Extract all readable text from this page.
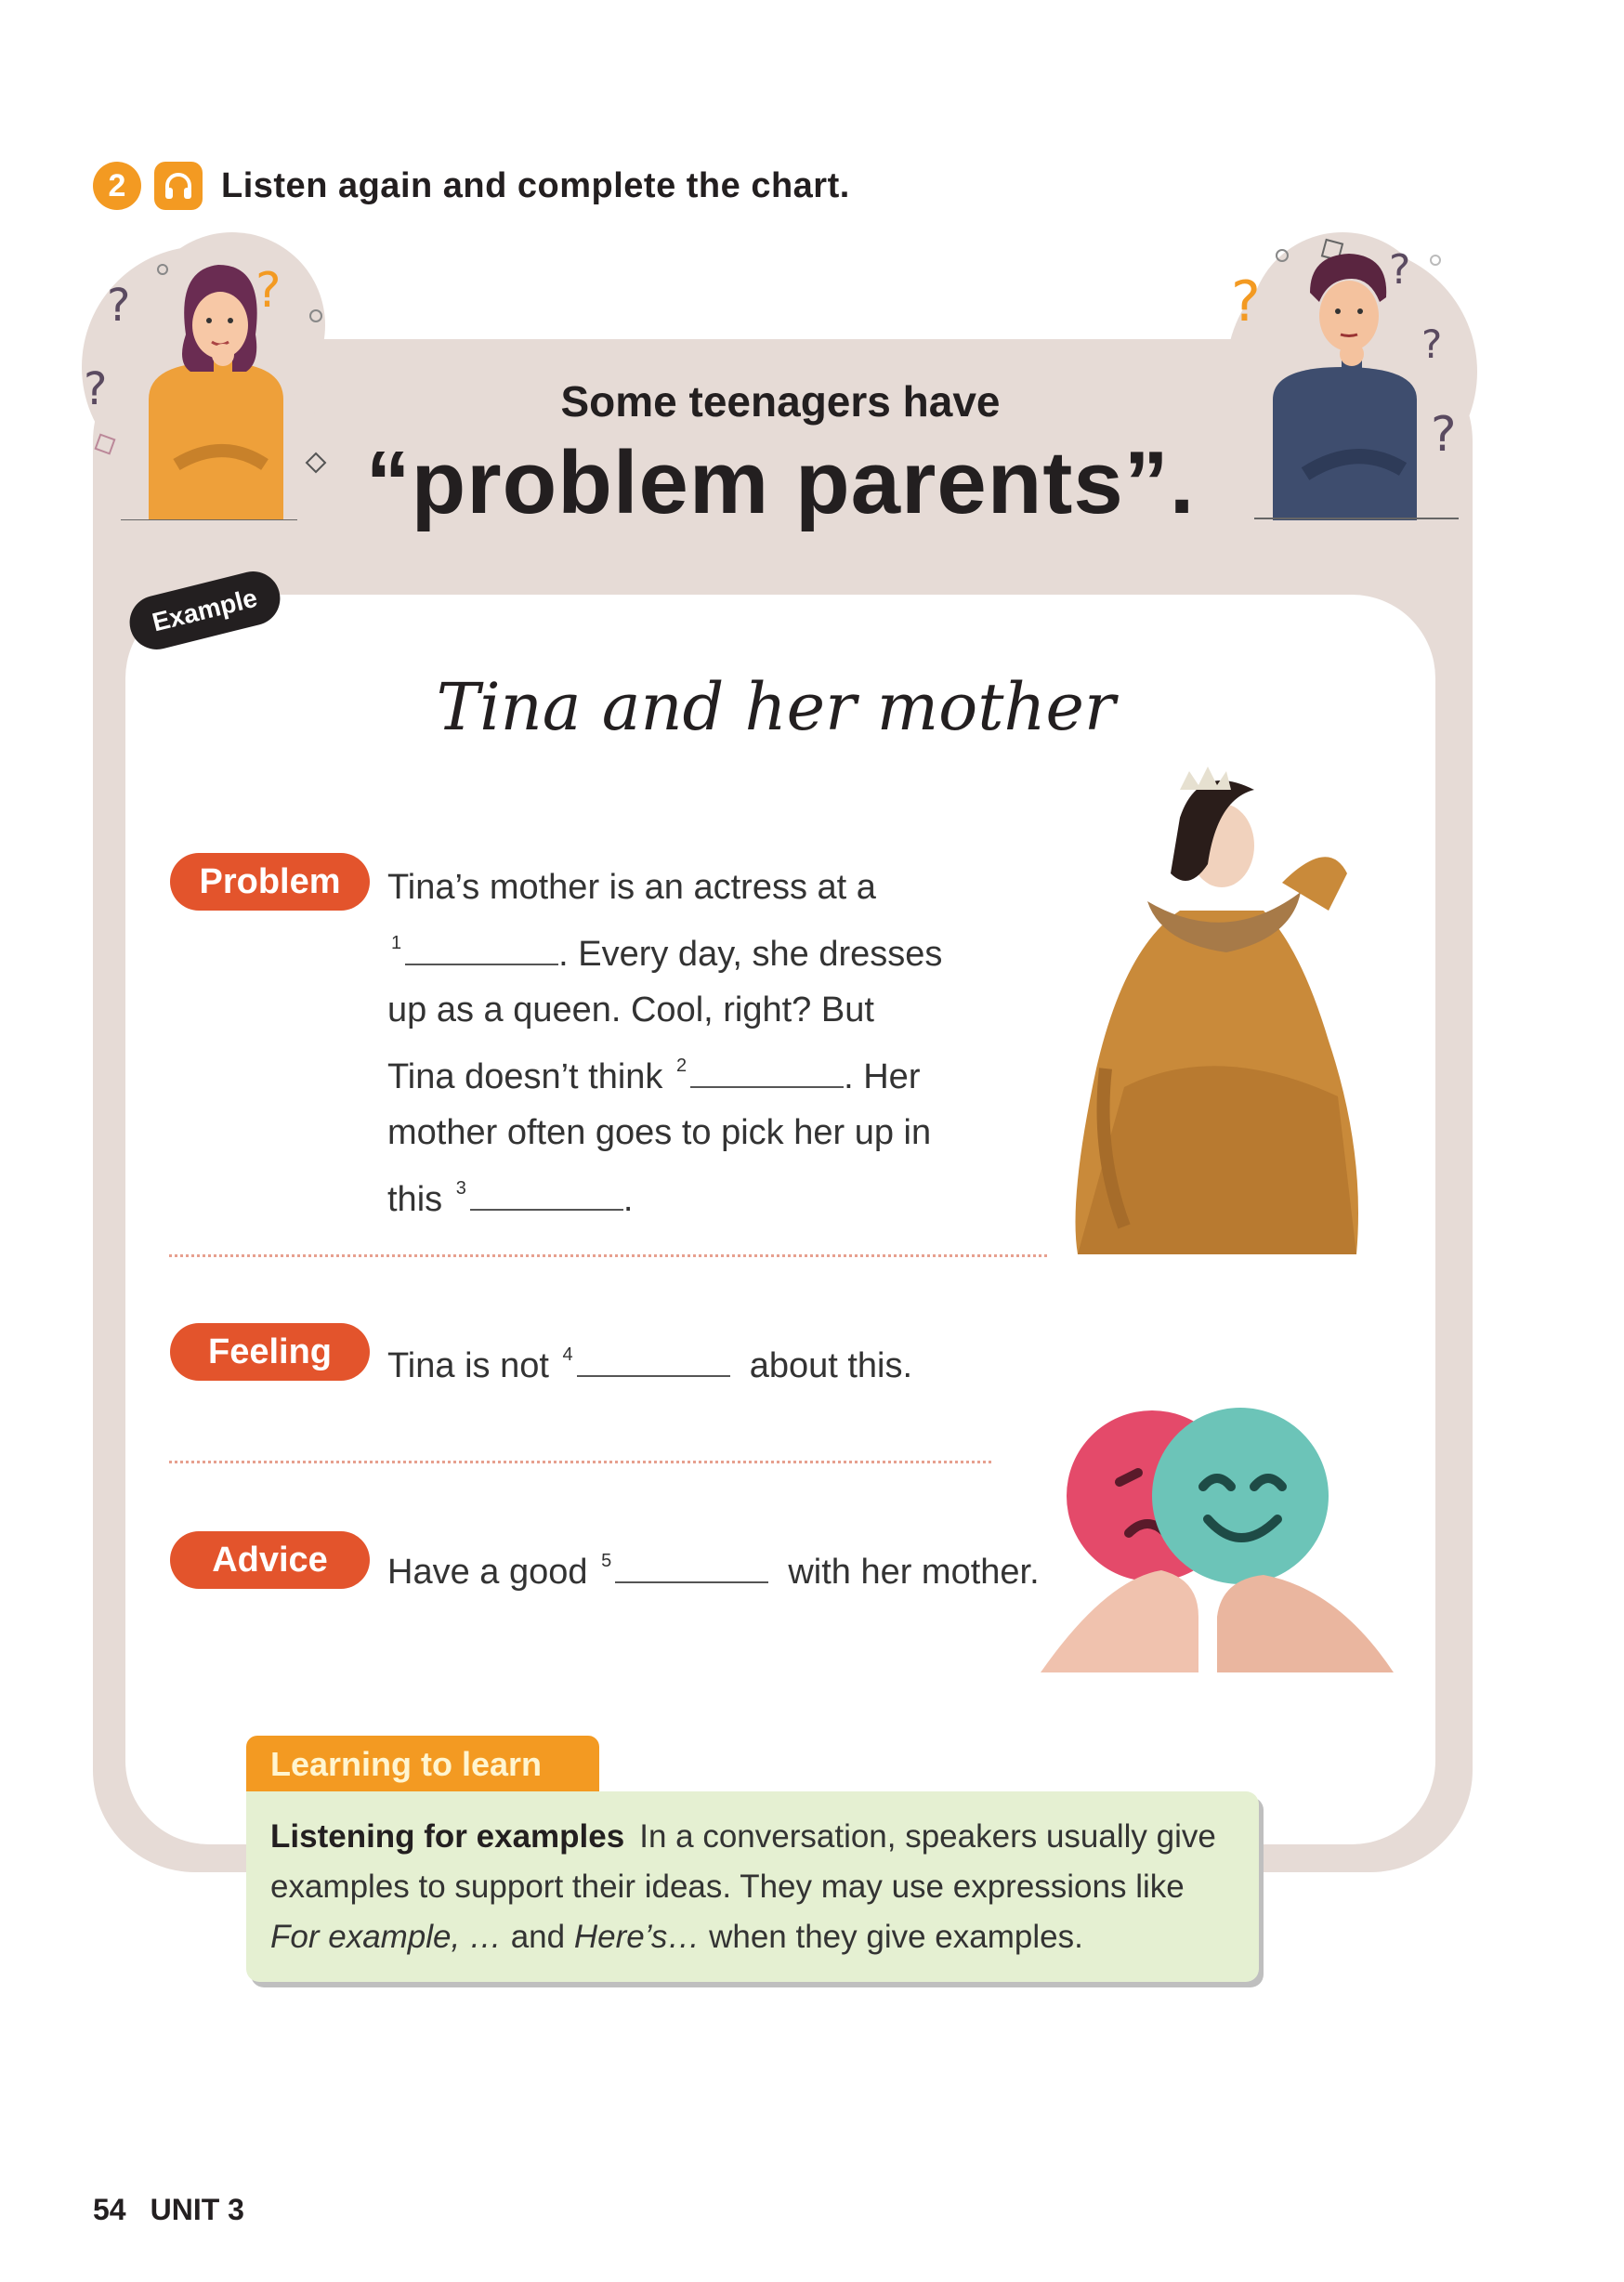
2	Listen again and complete the chart.
?
?
?	?	?
?
?
Some teenagers have
“problem parents”.
Example
Tina and her mother
Problem	Tina’s mother is an actress at a
$^1$	. Every day, she dresses
up as a queen. Cool, right? But
Tina doesn’t think $^2$	. Her
mother often goes to pick her up in
this $^3$	.
Feeling	Tina is not $^4$	about this.
Advice	Have a good $^5$	with her mother.
Learning to learn
Listening for examples In a conversation, speakers usually give examples to support their ideas. They may use expressions like For example, … and Here’s… when they give examples.
54 UNIT 3
